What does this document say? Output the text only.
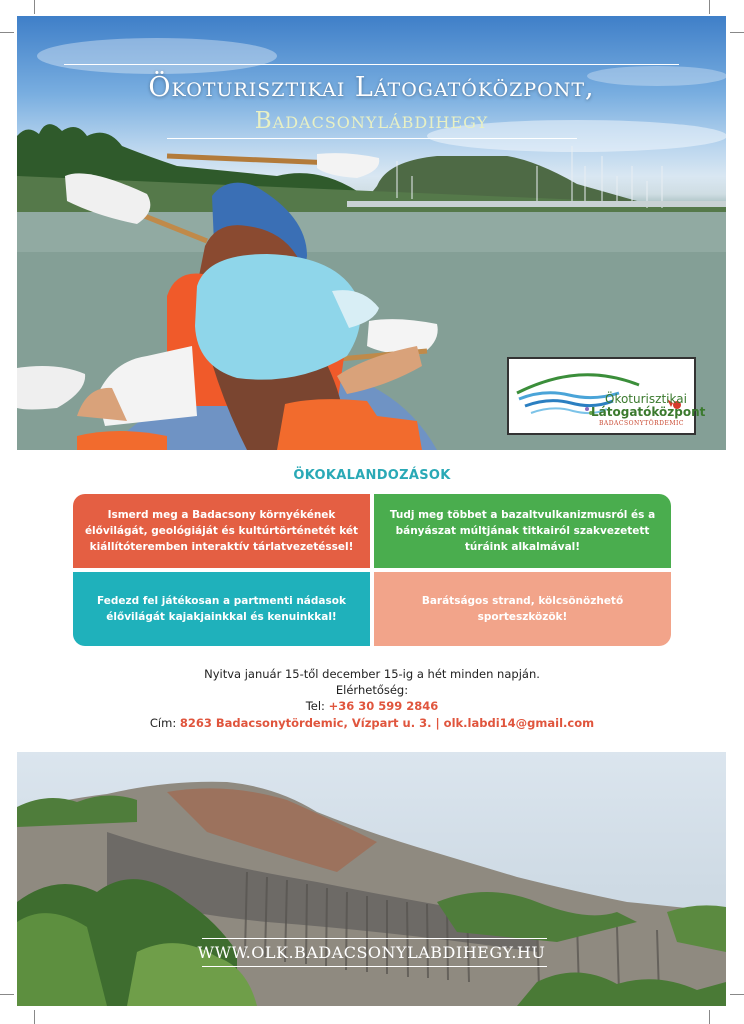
Ökoturisztikai Látogatóközpont,
Badacsonylábdihegy
Ökoturisztikai
Látogatóközpont
BADACSONYTÖRDEMIC
ÖKOKALANDOZÁSOK
Ismerd meg a Badacsony környékének élővilágát, geológiáját és kultúrtörténetét két kiállítóteremben interaktív tárlatvezetéssel!
Tudj meg többet a bazaltvulkanizmusról és a bányászat múltjának titkairól szakvezetett túráink alkalmával!
Fedezd fel játékosan a partmenti nádasok élővilágát kajakjainkkal és kenuinkkal!
Barátságos strand, kölcsönözhető sporteszközök!
Nyitva január 15-től december 15-ig a hét minden napján.
Elérhetőség:
Tel: +36 30 599 2846
Cím: 8263 Badacsonytördemic, Vízpart u. 3. | olk.labdi14@gmail.com
WWW.OLK.BADACSONYLABDIHEGY.HU
